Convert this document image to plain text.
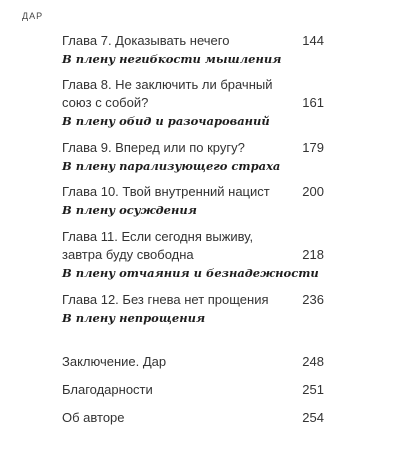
ДАР
Глава 7. Доказывать нечего	144
В плену негибкости мышления
Глава 8. Не заключить ли брачный
союз с собой?	161
В плену обид и разочарований
Глава 9. Вперед или по кругу?	179
В плену парализующего страха
Глава 10. Твой внутренний нацист	200
В плену осуждения
Глава 11. Если сегодня выживу,
завтра буду свободна	218
В плену отчаяния и безнадежности
Глава 12. Без гнева нет прощения	236
В плену непрощения
Заключение. Дар	248
Благодарности	251
Об авторе	254
